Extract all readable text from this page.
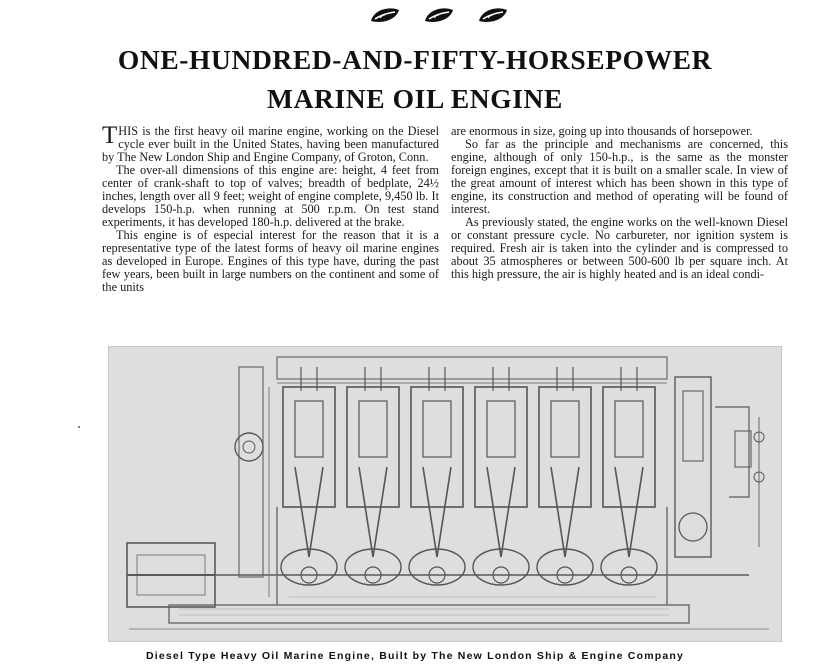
ONE-HUNDRED-AND-FIFTY-HORSEPOWER
MARINE OIL ENGINE

THIS is the first heavy oil marine engine, working on the Diesel cycle ever built in the United States, having been manufactured by The New London Ship and Engine Company, of Groton, Conn.

The over-all dimensions of this engine are: height, 4 feet from center of crank-shaft to top of valves; breadth of bedplate, 24½ inches, length over all 9 feet; weight of engine complete, 9,450 lb. It develops 150-h.p. when running at 500 r.p.m. On test stand experiments, it has developed 180-h.p. delivered at the brake.

This engine is of especial interest for the reason that it is a representative type of the latest forms of heavy oil marine engines as developed in Europe. Engines of this type have, during the past few years, been built in large numbers on the continent and some of the units

are enormous in size, going up into thousands of horsepower.

So far as the principle and mechanisms are concerned, this engine, although of only 150-h.p., is the same as the monster foreign engines, except that it is built on a smaller scale. In view of the great amount of interest which has been shown in this type of engine, its construction and method of operating will be found of interest.

As previously stated, the engine works on the well-known Diesel or constant pressure cycle. No carbureter, nor ignition system is required. Fresh air is taken into the cylinder and is compressed to about 35 atmospheres or between 500-600 lb per square inch. At this high pressure, the air is highly heated and is an ideal condi-

Diesel Type Heavy Oil Marine Engine, Built by The New London Ship & Engine Company
